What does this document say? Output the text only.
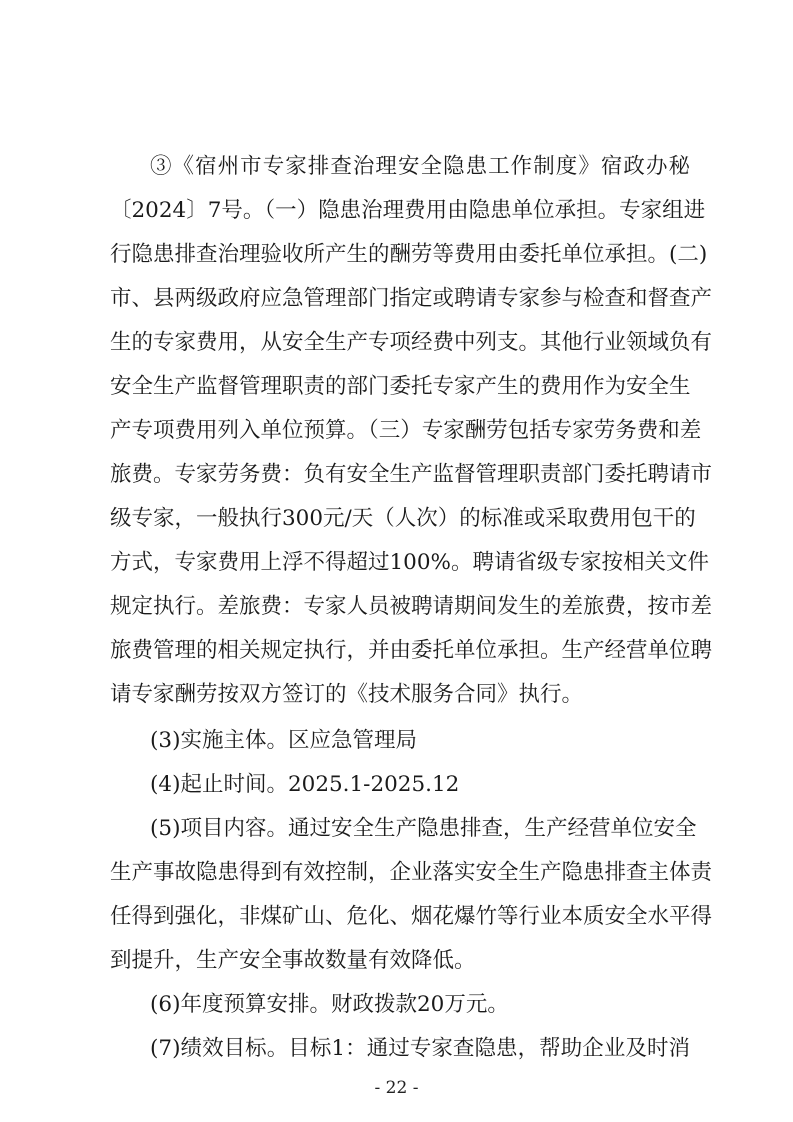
③《宿州市专家排查治理安全隐患工作制度》宿政办秘
〔2024〕7号。（一）隐患治理费用由隐患单位承担。专家组进
行隐患排查治理验收所产生的酬劳等费用由委托单位承担。(二)
市、县两级政府应急管理部门指定或聘请专家参与检查和督查产
生的专家费用，从安全生产专项经费中列支。其他行业领域负有
安全生产监督管理职责的部门委托专家产生的费用作为安全生
产专项费用列入单位预算。（三）专家酬劳包括专家劳务费和差
旅费。专家劳务费：负有安全生产监督管理职责部门委托聘请市
级专家，一般执行300元/天（人次）的标准或采取费用包干的
方式，专家费用上浮不得超过100%。聘请省级专家按相关文件
规定执行。差旅费：专家人员被聘请期间发生的差旅费，按市差
旅费管理的相关规定执行，并由委托单位承担。生产经营单位聘
请专家酬劳按双方签订的《技术服务合同》执行。
(3)实施主体。区应急管理局
(4)起止时间。2025.1-2025.12
(5)项目内容。通过安全生产隐患排查，生产经营单位安全
生产事故隐患得到有效控制，企业落实安全生产隐患排查主体责
任得到强化，非煤矿山、危化、烟花爆竹等行业本质安全水平得
到提升，生产安全事故数量有效降低。
(6)年度预算安排。财政拨款20万元。
(7)绩效目标。目标1：通过专家查隐患，帮助企业及时消
- 22 -
